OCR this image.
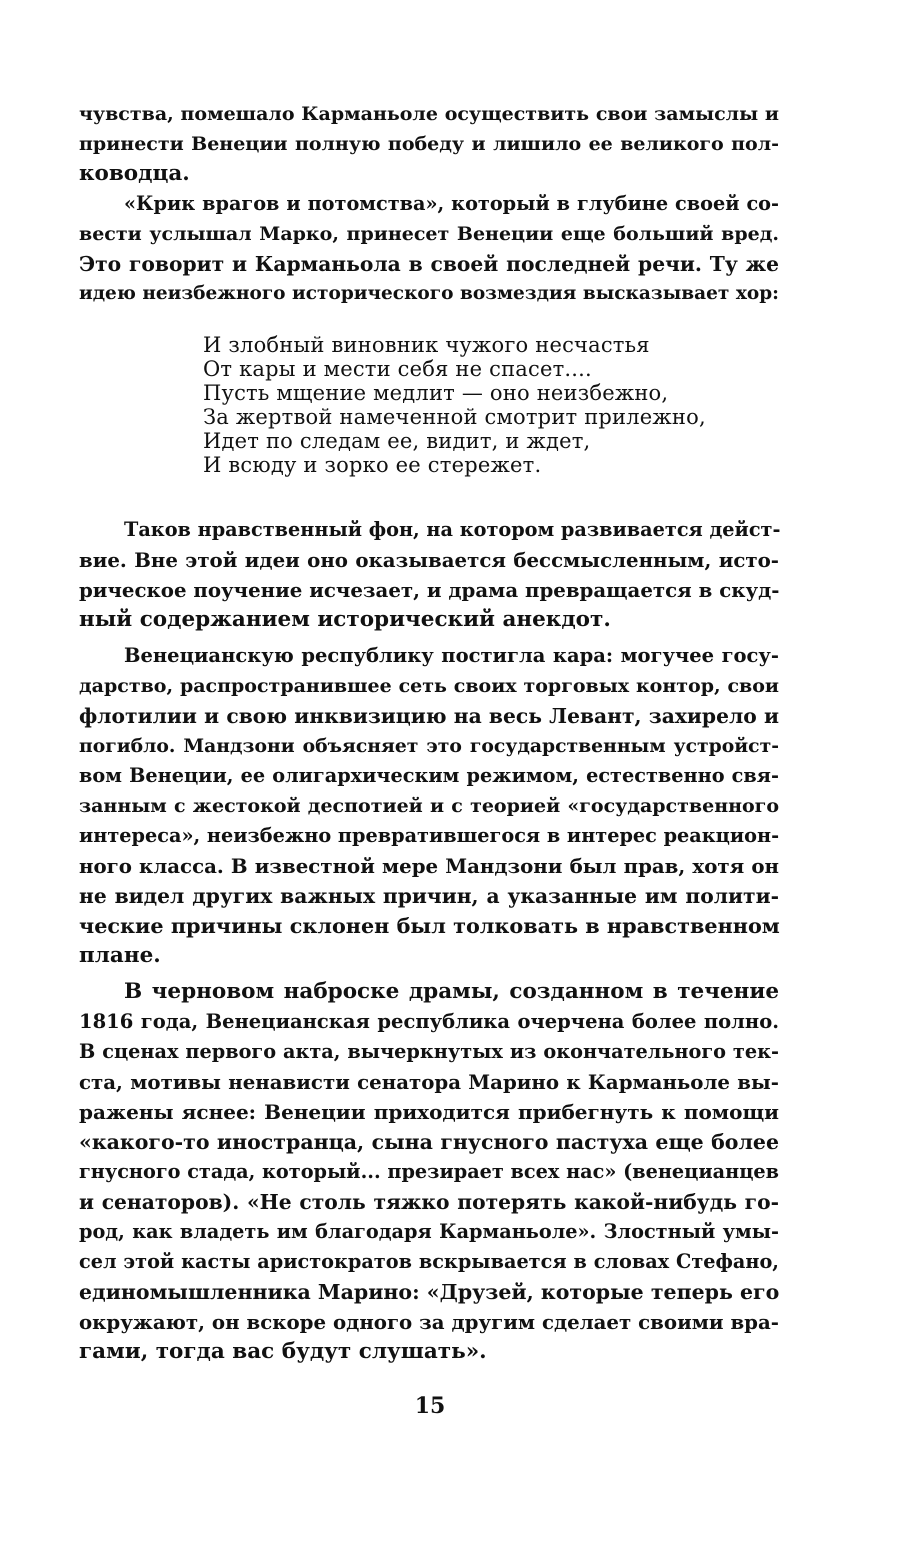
чувства, помешало Карманьоле осуществить свои замыслы и
принести Венеции полную победу и лишило ее великого пол-
ководца.
«Крик врагов и потомства», который в глубине своей со-
вести услышал Марко, принесет Венеции еще больший вред.
Это говорит и Карманьола в своей последней речи. Ту же
идею неизбежного исторического возмездия высказывает хор:
И злобный виновник чужого несчастья
От кары и мести себя не спасет....
Пусть мщение медлит — оно неизбежно,
За жертвой намеченной смотрит прилежно,
Идет по следам ее, видит, и ждет,
И всюду и зорко ее стережет.
Таков нравственный фон, на котором развивается дейст-
вие. Вне этой идеи оно оказывается бессмысленным, исто-
рическое поучение исчезает, и драма превращается в скуд-
ный содержанием исторический анекдот.
Венецианскую республику постигла кара: могучее госу-
дарство, распространившее сеть своих торговых контор, свои
флотилии и свою инквизицию на весь Левант, захирело и
погибло. Мандзони объясняет это государственным устройст-
вом Венеции, ее олигархическим режимом, естественно свя-
занным с жестокой деспотией и с теорией «государственного
интереса», неизбежно превратившегося в интерес реакцион-
ного класса. В известной мере Мандзони был прав, хотя он
не видел других важных причин, а указанные им полити-
ческие причины склонен был толковать в нравственном
плане.
В черновом наброске драмы, созданном в течение
1816 года, Венецианская республика очерчена более полно.
В сценах первого акта, вычеркнутых из окончательного тек-
ста, мотивы ненависти сенатора Марино к Карманьоле вы-
ражены яснее: Венеции приходится прибегнуть к помощи
«какого-то иностранца, сына гнусного пастуха еще более
гнусного стада, который... презирает всех нас» (венецианцев
и сенаторов). «Не столь тяжко потерять какой-нибудь го-
род, как владеть им благодаря Карманьоле». Злостный умы-
сел этой касты аристократов вскрывается в словах Стефано,
единомышленника Марино: «Друзей, которые теперь его
окружают, он вскоре одного за другим сделает своими вра-
гами, тогда вас будут слушать».
15
